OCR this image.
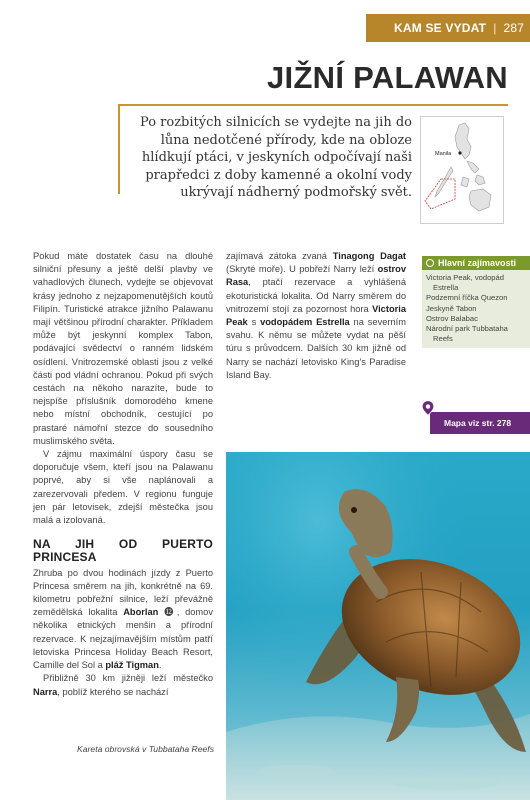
KAM SE VYDAT | 287
JIŽNÍ PALAWAN

Po rozbitých silnicích se vydejte na jih do lůna nedotčené přírody, kde na obloze hlídkují ptáci, v jeskyních odpočívají naši prapředci z doby kamenné a okolní vody ukrývají nádherný podmořský svět.

Manila

Pokud máte dostatek času na dlouhé silniční přesuny a ještě delší plavby ve vahadlových člunech, vydejte se objevovat krásy jednoho z nejzapomenutějších koutů Filipín. Turistické atrakce jižního Palawanu mají většinou přírodní charakter. Příkladem může být jeskynní komplex Tabon, podávající svědectví o ranném lidském osídlení. Vnitrozemské oblasti jsou z velké části pod vládní ochranou. Pokud při svých cestách na někoho narazíte, bude to nejspíše příslušník domorodého kmene nebo místní obchodník, cestující po prastaré námořní stezce do sousedního muslimského světa.

V zájmu maximální úspory času se doporučuje všem, kteří jsou na Palawanu poprvé, aby si vše naplánovali a zarezervovali předem. V regionu funguje jen pár letovisek, zdejší městečka jsou malá a izolovaná.

NA JIH OD PUERTO PRINCESA

Zhruba po dvou hodinách jízdy z Puerto Princesa směrem na jih, konkrétně na 69. kilometru pobřežní silnice, leží převážně zemědělská lokalita Aborlan ⓬, domov několika etnických menšin a přírodní rezervace. K nejzajímavějším místům patří letoviska Princesa Holiday Beach Resort, Camille del Sol a pláž Tigman.

Přibližně 30 km jižněji leží městečko Narra, poblíž kterého se nachází

zajímavá zátoka zvaná Tinagong Dagat (Skryté moře). U pobřeží Narry leží ostrov Rasa, ptačí rezervace a vyhlášená ekoturistická lokalita. Od Narry směrem do vnitrozemí stojí za pozornost hora Victoria Peak s vodopádem Estrella na severním svahu. K němu se můžete vydat na pěší túru s průvodcem. Dalších 30 km jižně od Narry se nachází letovisko King’s Paradise Island Bay.

Hlavní zajímavosti
Victoria Peak, vodopád
Estrella
Podzemní říčka Quezon
Jeskyně Tabon
Ostrov Balabac
Národní park Tubbataha
Reefs
Mapa viz str. 278

Kareta obrovská v Tubbataha Reefs
